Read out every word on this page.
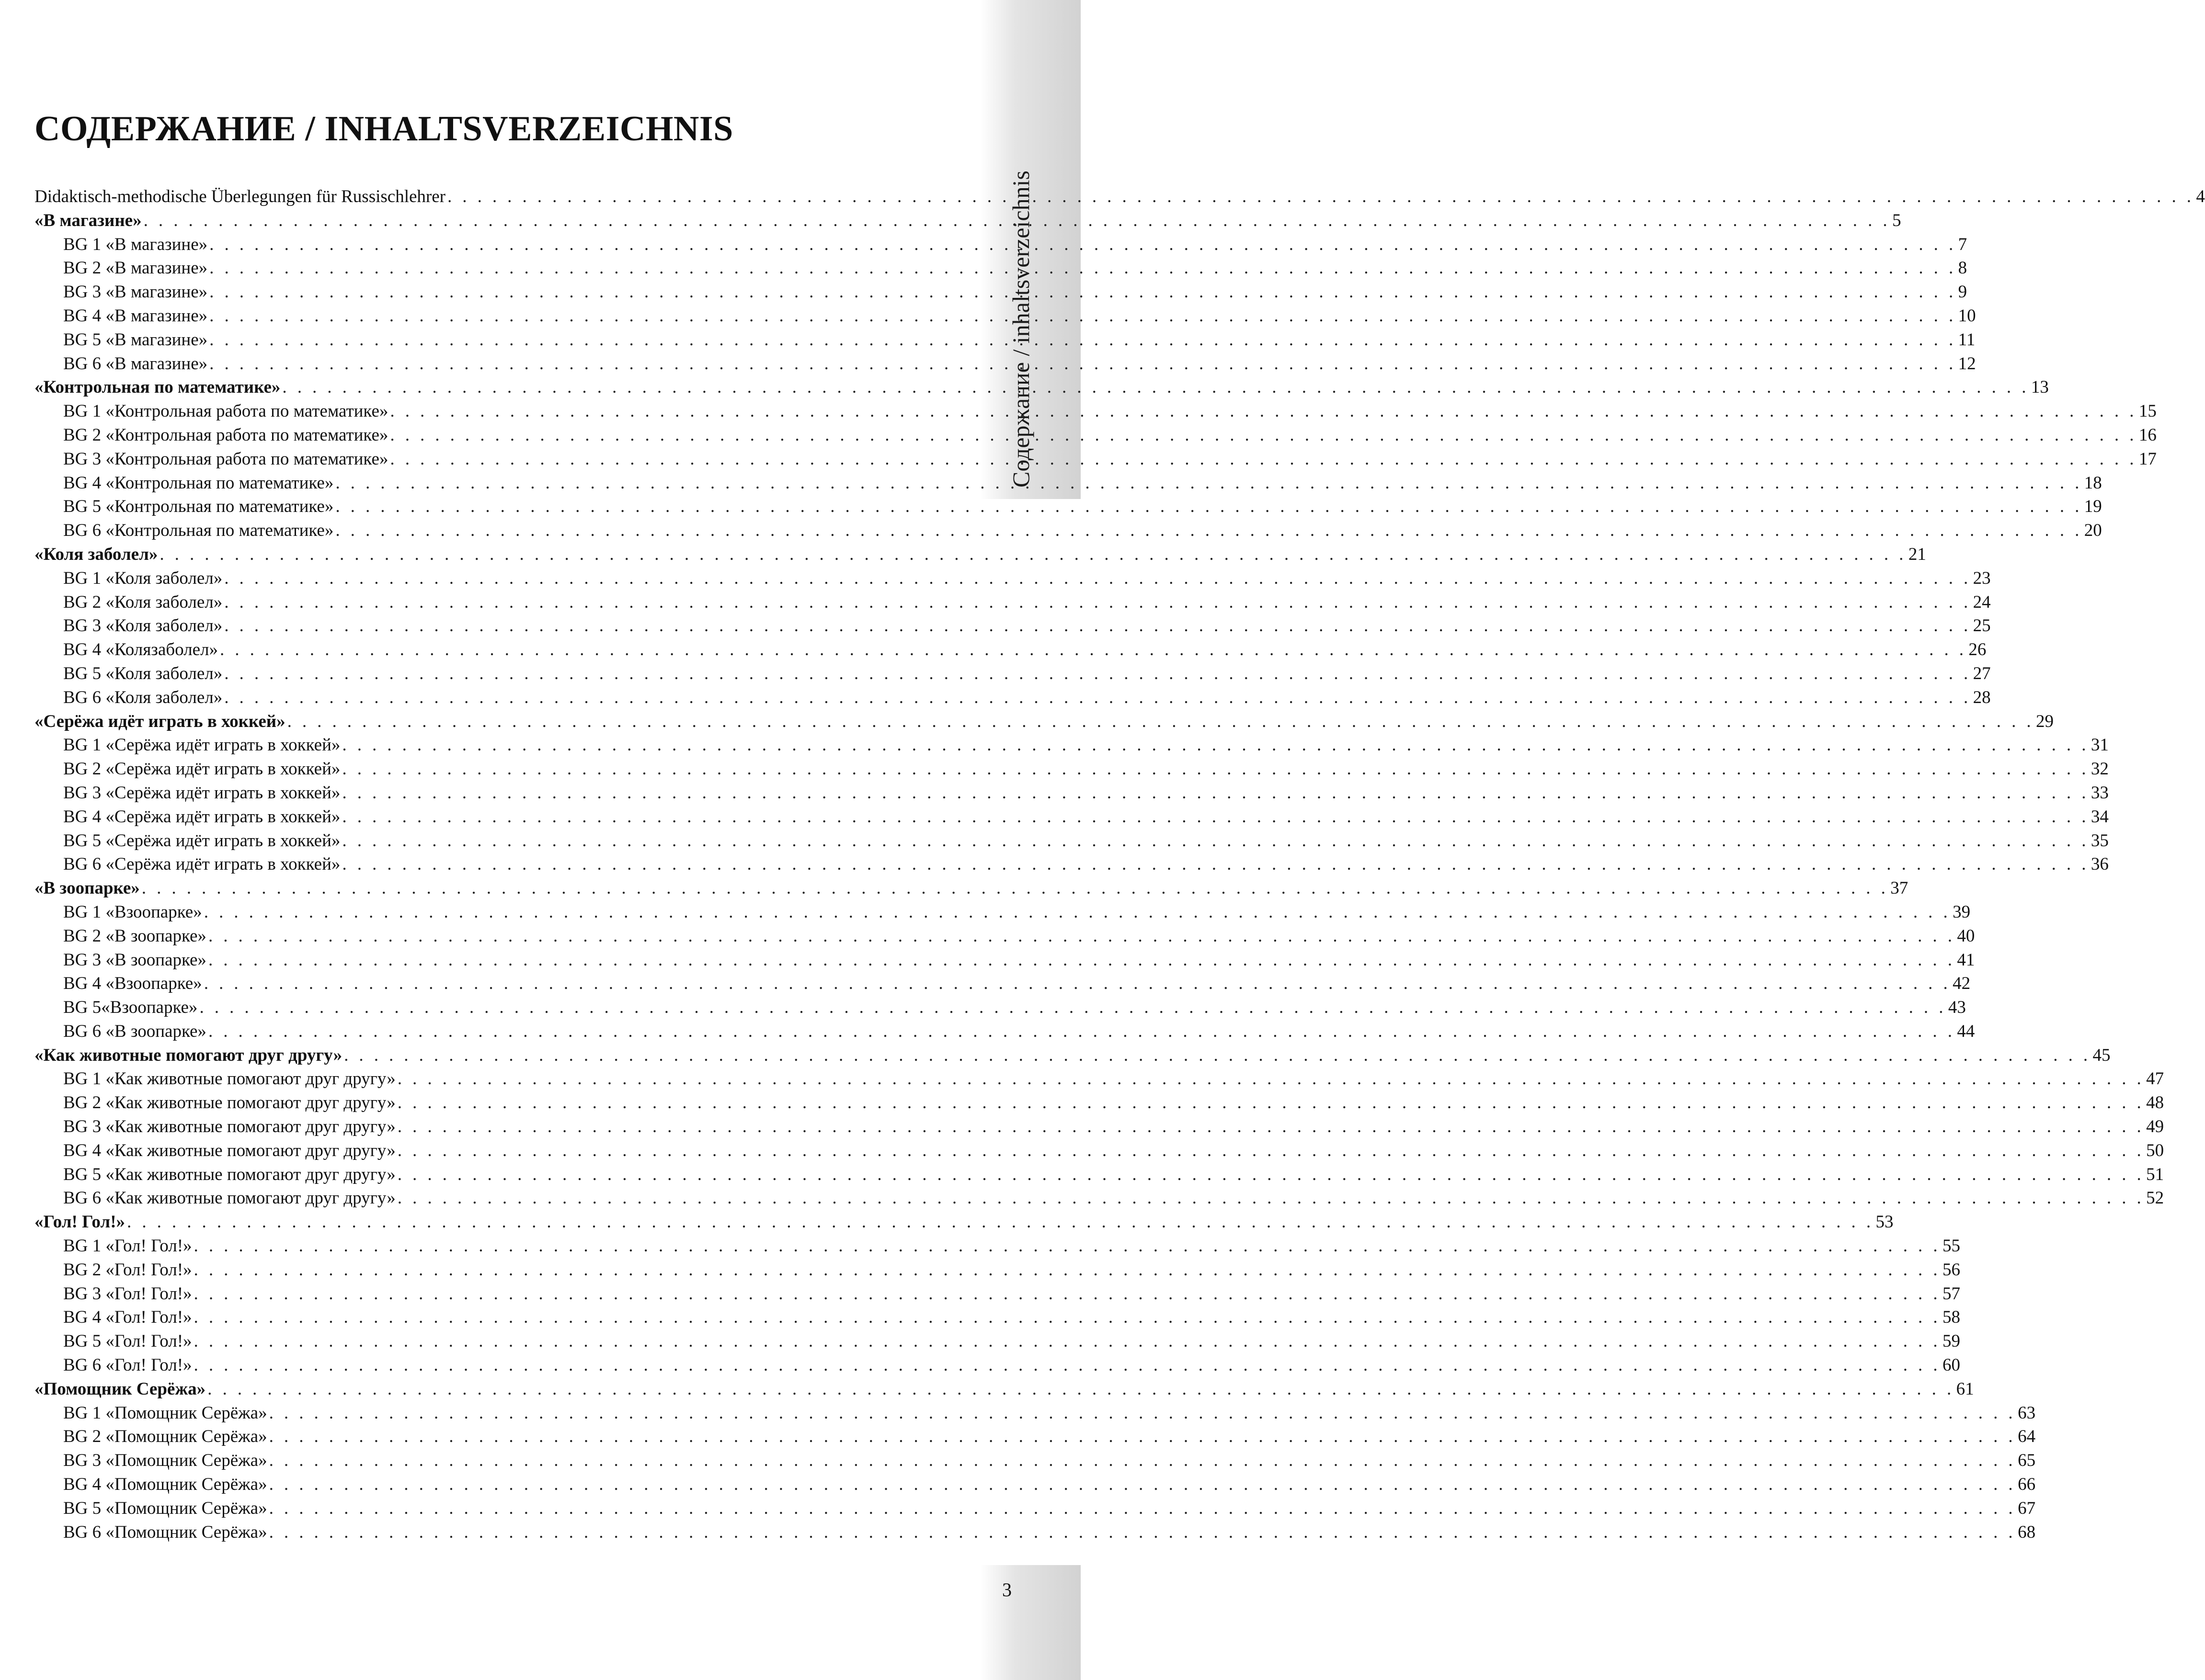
Содержание / inhaltsverzeichnis
СОДЕРЖАНИЕ / INHALTSVERZEICHNIS
Didaktisch-methodische Überlegungen für Russischlehrer . . . . . . . . . . . . . . . . . . . . . . . . . . . . . . . . . . . . . . . . . . . . . . . . . . . . . . . . . . . . . . . . . . . . . . . . . . . . . . . . . . . . . . . . . . . . . . . . . . . . . . . . . . . . . . . . . . . . . 4
«В магазине» . . . . . . . . . . . . . . . . . . . . . . . . . . . . . . . . . . . . . . . . . . . . . . . . . . . . . . . . . . . . . . . . . . . . . . . . . . . . . . . . . . . . . . . . . . . . . . . . . . . . . . . . . . . . . . . . . . . . . 5
BG 1 «В магазине» . . . . . . . . . . . . . . . . . . . . . . . . . . . . . . . . . . . . . . . . . . . . . . . . . . . . . . . . . . . . . . . . . . . . . . . . . . . . . . . . . . . . . . . . . . . . . . . . . . . . . . . . . . . . . . . . . . . . . 7
BG 2 «В магазине» . . . . . . . . . . . . . . . . . . . . . . . . . . . . . . . . . . . . . . . . . . . . . . . . . . . . . . . . . . . . . . . . . . . . . . . . . . . . . . . . . . . . . . . . . . . . . . . . . . . . . . . . . . . . . . . . . . . . . 8
BG 3 «В магазине» . . . . . . . . . . . . . . . . . . . . . . . . . . . . . . . . . . . . . . . . . . . . . . . . . . . . . . . . . . . . . . . . . . . . . . . . . . . . . . . . . . . . . . . . . . . . . . . . . . . . . . . . . . . . . . . . . . . . . 9
BG 4 «В магазине» . . . . . . . . . . . . . . . . . . . . . . . . . . . . . . . . . . . . . . . . . . . . . . . . . . . . . . . . . . . . . . . . . . . . . . . . . . . . . . . . . . . . . . . . . . . . . . . . . . . . . . . . . . . . . . . . . . . . . 10
BG 5 «В магазине» . . . . . . . . . . . . . . . . . . . . . . . . . . . . . . . . . . . . . . . . . . . . . . . . . . . . . . . . . . . . . . . . . . . . . . . . . . . . . . . . . . . . . . . . . . . . . . . . . . . . . . . . . . . . . . . . . . . . . 11
BG 6 «В магазине» . . . . . . . . . . . . . . . . . . . . . . . . . . . . . . . . . . . . . . . . . . . . . . . . . . . . . . . . . . . . . . . . . . . . . . . . . . . . . . . . . . . . . . . . . . . . . . . . . . . . . . . . . . . . . . . . . . . . . 12
«Контрольная по математике» . . . . . . . . . . . . . . . . . . . . . . . . . . . . . . . . . . . . . . . . . . . . . . . . . . . . . . . . . . . . . . . . . . . . . . . . . . . . . . . . . . . . . . . . . . . . . . . . . . . . . . . . . . . . . . . . . . . . . 13
BG 1 «Контрольная работа по математике» . . . . . . . . . . . . . . . . . . . . . . . . . . . . . . . . . . . . . . . . . . . . . . . . . . . . . . . . . . . . . . . . . . . . . . . . . . . . . . . . . . . . . . . . . . . . . . . . . . . . . . . . . . . . . . . . . . . . . 15
BG 2 «Контрольная работа по математике» . . . . . . . . . . . . . . . . . . . . . . . . . . . . . . . . . . . . . . . . . . . . . . . . . . . . . . . . . . . . . . . . . . . . . . . . . . . . . . . . . . . . . . . . . . . . . . . . . . . . . . . . . . . . . . . . . . . . . 16
BG 3 «Контрольная работа по математике» . . . . . . . . . . . . . . . . . . . . . . . . . . . . . . . . . . . . . . . . . . . . . . . . . . . . . . . . . . . . . . . . . . . . . . . . . . . . . . . . . . . . . . . . . . . . . . . . . . . . . . . . . . . . . . . . . . . . . 17
BG 4 «Контрольная по математике» . . . . . . . . . . . . . . . . . . . . . . . . . . . . . . . . . . . . . . . . . . . . . . . . . . . . . . . . . . . . . . . . . . . . . . . . . . . . . . . . . . . . . . . . . . . . . . . . . . . . . . . . . . . . . . . . . . . . . 18
BG 5 «Контрольная по математике» . . . . . . . . . . . . . . . . . . . . . . . . . . . . . . . . . . . . . . . . . . . . . . . . . . . . . . . . . . . . . . . . . . . . . . . . . . . . . . . . . . . . . . . . . . . . . . . . . . . . . . . . . . . . . . . . . . . . . 19
BG 6 «Контрольная по математике» . . . . . . . . . . . . . . . . . . . . . . . . . . . . . . . . . . . . . . . . . . . . . . . . . . . . . . . . . . . . . . . . . . . . . . . . . . . . . . . . . . . . . . . . . . . . . . . . . . . . . . . . . . . . . . . . . . . . . 20
«Коля заболел» . . . . . . . . . . . . . . . . . . . . . . . . . . . . . . . . . . . . . . . . . . . . . . . . . . . . . . . . . . . . . . . . . . . . . . . . . . . . . . . . . . . . . . . . . . . . . . . . . . . . . . . . . . . . . . . . . . . . . 21
BG 1 «Коля заболел» . . . . . . . . . . . . . . . . . . . . . . . . . . . . . . . . . . . . . . . . . . . . . . . . . . . . . . . . . . . . . . . . . . . . . . . . . . . . . . . . . . . . . . . . . . . . . . . . . . . . . . . . . . . . . . . . . . . . . 23
BG 2 «Коля заболел» . . . . . . . . . . . . . . . . . . . . . . . . . . . . . . . . . . . . . . . . . . . . . . . . . . . . . . . . . . . . . . . . . . . . . . . . . . . . . . . . . . . . . . . . . . . . . . . . . . . . . . . . . . . . . . . . . . . . . 24
BG 3 «Коля заболел» . . . . . . . . . . . . . . . . . . . . . . . . . . . . . . . . . . . . . . . . . . . . . . . . . . . . . . . . . . . . . . . . . . . . . . . . . . . . . . . . . . . . . . . . . . . . . . . . . . . . . . . . . . . . . . . . . . . . . 25
BG 4 «Колязаболел» . . . . . . . . . . . . . . . . . . . . . . . . . . . . . . . . . . . . . . . . . . . . . . . . . . . . . . . . . . . . . . . . . . . . . . . . . . . . . . . . . . . . . . . . . . . . . . . . . . . . . . . . . . . . . . . . . . . . . 26
BG 5 «Коля заболел» . . . . . . . . . . . . . . . . . . . . . . . . . . . . . . . . . . . . . . . . . . . . . . . . . . . . . . . . . . . . . . . . . . . . . . . . . . . . . . . . . . . . . . . . . . . . . . . . . . . . . . . . . . . . . . . . . . . . . 27
BG 6 «Коля заболел» . . . . . . . . . . . . . . . . . . . . . . . . . . . . . . . . . . . . . . . . . . . . . . . . . . . . . . . . . . . . . . . . . . . . . . . . . . . . . . . . . . . . . . . . . . . . . . . . . . . . . . . . . . . . . . . . . . . . . 28
«Серёжа идёт играть в хоккей» . . . . . . . . . . . . . . . . . . . . . . . . . . . . . . . . . . . . . . . . . . . . . . . . . . . . . . . . . . . . . . . . . . . . . . . . . . . . . . . . . . . . . . . . . . . . . . . . . . . . . . . . . . . . . . . . . . . . . 29
BG 1 «Серёжа идёт играть в хоккей» . . . . . . . . . . . . . . . . . . . . . . . . . . . . . . . . . . . . . . . . . . . . . . . . . . . . . . . . . . . . . . . . . . . . . . . . . . . . . . . . . . . . . . . . . . . . . . . . . . . . . . . . . . . . . . . . . . . . . 31
BG 2 «Серёжа идёт играть в хоккей» . . . . . . . . . . . . . . . . . . . . . . . . . . . . . . . . . . . . . . . . . . . . . . . . . . . . . . . . . . . . . . . . . . . . . . . . . . . . . . . . . . . . . . . . . . . . . . . . . . . . . . . . . . . . . . . . . . . . . 32
BG 3 «Серёжа идёт играть в хоккей» . . . . . . . . . . . . . . . . . . . . . . . . . . . . . . . . . . . . . . . . . . . . . . . . . . . . . . . . . . . . . . . . . . . . . . . . . . . . . . . . . . . . . . . . . . . . . . . . . . . . . . . . . . . . . . . . . . . . . 33
BG 4 «Серёжа идёт играть в хоккей» . . . . . . . . . . . . . . . . . . . . . . . . . . . . . . . . . . . . . . . . . . . . . . . . . . . . . . . . . . . . . . . . . . . . . . . . . . . . . . . . . . . . . . . . . . . . . . . . . . . . . . . . . . . . . . . . . . . . . 34
BG 5 «Серёжа идёт играть в хоккей» . . . . . . . . . . . . . . . . . . . . . . . . . . . . . . . . . . . . . . . . . . . . . . . . . . . . . . . . . . . . . . . . . . . . . . . . . . . . . . . . . . . . . . . . . . . . . . . . . . . . . . . . . . . . . . . . . . . . . 35
BG 6 «Серёжа идёт играть в хоккей» . . . . . . . . . . . . . . . . . . . . . . . . . . . . . . . . . . . . . . . . . . . . . . . . . . . . . . . . . . . . . . . . . . . . . . . . . . . . . . . . . . . . . . . . . . . . . . . . . . . . . . . . . . . . . . . . . . . . . 36
«В зоопарке» . . . . . . . . . . . . . . . . . . . . . . . . . . . . . . . . . . . . . . . . . . . . . . . . . . . . . . . . . . . . . . . . . . . . . . . . . . . . . . . . . . . . . . . . . . . . . . . . . . . . . . . . . . . . . . . . . . . . . 37
BG 1 «Взоопарке» . . . . . . . . . . . . . . . . . . . . . . . . . . . . . . . . . . . . . . . . . . . . . . . . . . . . . . . . . . . . . . . . . . . . . . . . . . . . . . . . . . . . . . . . . . . . . . . . . . . . . . . . . . . . . . . . . . . . . 39
BG 2 «В зоопарке» . . . . . . . . . . . . . . . . . . . . . . . . . . . . . . . . . . . . . . . . . . . . . . . . . . . . . . . . . . . . . . . . . . . . . . . . . . . . . . . . . . . . . . . . . . . . . . . . . . . . . . . . . . . . . . . . . . . . . 40
BG 3 «В зоопарке» . . . . . . . . . . . . . . . . . . . . . . . . . . . . . . . . . . . . . . . . . . . . . . . . . . . . . . . . . . . . . . . . . . . . . . . . . . . . . . . . . . . . . . . . . . . . . . . . . . . . . . . . . . . . . . . . . . . . . 41
BG 4 «Взоопарке» . . . . . . . . . . . . . . . . . . . . . . . . . . . . . . . . . . . . . . . . . . . . . . . . . . . . . . . . . . . . . . . . . . . . . . . . . . . . . . . . . . . . . . . . . . . . . . . . . . . . . . . . . . . . . . . . . . . . . 42
BG 5«Взоопарке» . . . . . . . . . . . . . . . . . . . . . . . . . . . . . . . . . . . . . . . . . . . . . . . . . . . . . . . . . . . . . . . . . . . . . . . . . . . . . . . . . . . . . . . . . . . . . . . . . . . . . . . . . . . . . . . . . . . . . 43
BG 6 «В зоопарке» . . . . . . . . . . . . . . . . . . . . . . . . . . . . . . . . . . . . . . . . . . . . . . . . . . . . . . . . . . . . . . . . . . . . . . . . . . . . . . . . . . . . . . . . . . . . . . . . . . . . . . . . . . . . . . . . . . . . . 44
«Как животные помогают друг другу» . . . . . . . . . . . . . . . . . . . . . . . . . . . . . . . . . . . . . . . . . . . . . . . . . . . . . . . . . . . . . . . . . . . . . . . . . . . . . . . . . . . . . . . . . . . . . . . . . . . . . . . . . . . . . . . . . . . . . 45
BG 1 «Как животные помогают друг другу» . . . . . . . . . . . . . . . . . . . . . . . . . . . . . . . . . . . . . . . . . . . . . . . . . . . . . . . . . . . . . . . . . . . . . . . . . . . . . . . . . . . . . . . . . . . . . . . . . . . . . . . . . . . . . . . . . . . . . 47
BG 2 «Как животные помогают друг другу» . . . . . . . . . . . . . . . . . . . . . . . . . . . . . . . . . . . . . . . . . . . . . . . . . . . . . . . . . . . . . . . . . . . . . . . . . . . . . . . . . . . . . . . . . . . . . . . . . . . . . . . . . . . . . . . . . . . . . 48
BG 3 «Как животные помогают друг другу» . . . . . . . . . . . . . . . . . . . . . . . . . . . . . . . . . . . . . . . . . . . . . . . . . . . . . . . . . . . . . . . . . . . . . . . . . . . . . . . . . . . . . . . . . . . . . . . . . . . . . . . . . . . . . . . . . . . . . 49
BG 4 «Как животные помогают друг другу» . . . . . . . . . . . . . . . . . . . . . . . . . . . . . . . . . . . . . . . . . . . . . . . . . . . . . . . . . . . . . . . . . . . . . . . . . . . . . . . . . . . . . . . . . . . . . . . . . . . . . . . . . . . . . . . . . . . . . 50
BG 5 «Как животные помогают друг другу» . . . . . . . . . . . . . . . . . . . . . . . . . . . . . . . . . . . . . . . . . . . . . . . . . . . . . . . . . . . . . . . . . . . . . . . . . . . . . . . . . . . . . . . . . . . . . . . . . . . . . . . . . . . . . . . . . . . . . 51
BG 6 «Как животные помогают друг другу» . . . . . . . . . . . . . . . . . . . . . . . . . . . . . . . . . . . . . . . . . . . . . . . . . . . . . . . . . . . . . . . . . . . . . . . . . . . . . . . . . . . . . . . . . . . . . . . . . . . . . . . . . . . . . . . . . . . . . 52
«Гол! Гол!» . . . . . . . . . . . . . . . . . . . . . . . . . . . . . . . . . . . . . . . . . . . . . . . . . . . . . . . . . . . . . . . . . . . . . . . . . . . . . . . . . . . . . . . . . . . . . . . . . . . . . . . . . . . . . . . . . . . . . 53
BG 1 «Гол! Гол!» . . . . . . . . . . . . . . . . . . . . . . . . . . . . . . . . . . . . . . . . . . . . . . . . . . . . . . . . . . . . . . . . . . . . . . . . . . . . . . . . . . . . . . . . . . . . . . . . . . . . . . . . . . . . . . . . . . . . . 55
BG 2 «Гол! Гол!» . . . . . . . . . . . . . . . . . . . . . . . . . . . . . . . . . . . . . . . . . . . . . . . . . . . . . . . . . . . . . . . . . . . . . . . . . . . . . . . . . . . . . . . . . . . . . . . . . . . . . . . . . . . . . . . . . . . . . 56
BG 3 «Гол! Гол!» . . . . . . . . . . . . . . . . . . . . . . . . . . . . . . . . . . . . . . . . . . . . . . . . . . . . . . . . . . . . . . . . . . . . . . . . . . . . . . . . . . . . . . . . . . . . . . . . . . . . . . . . . . . . . . . . . . . . . 57
BG 4 «Гол! Гол!» . . . . . . . . . . . . . . . . . . . . . . . . . . . . . . . . . . . . . . . . . . . . . . . . . . . . . . . . . . . . . . . . . . . . . . . . . . . . . . . . . . . . . . . . . . . . . . . . . . . . . . . . . . . . . . . . . . . . . 58
BG 5 «Гол! Гол!» . . . . . . . . . . . . . . . . . . . . . . . . . . . . . . . . . . . . . . . . . . . . . . . . . . . . . . . . . . . . . . . . . . . . . . . . . . . . . . . . . . . . . . . . . . . . . . . . . . . . . . . . . . . . . . . . . . . . . 59
BG 6 «Гол! Гол!» . . . . . . . . . . . . . . . . . . . . . . . . . . . . . . . . . . . . . . . . . . . . . . . . . . . . . . . . . . . . . . . . . . . . . . . . . . . . . . . . . . . . . . . . . . . . . . . . . . . . . . . . . . . . . . . . . . . . . 60
«Помощник Серёжа» . . . . . . . . . . . . . . . . . . . . . . . . . . . . . . . . . . . . . . . . . . . . . . . . . . . . . . . . . . . . . . . . . . . . . . . . . . . . . . . . . . . . . . . . . . . . . . . . . . . . . . . . . . . . . . . . . . . . . 61
BG 1 «Помощник Серёжа» . . . . . . . . . . . . . . . . . . . . . . . . . . . . . . . . . . . . . . . . . . . . . . . . . . . . . . . . . . . . . . . . . . . . . . . . . . . . . . . . . . . . . . . . . . . . . . . . . . . . . . . . . . . . . . . . . . . . . 63
BG 2 «Помощник Серёжа» . . . . . . . . . . . . . . . . . . . . . . . . . . . . . . . . . . . . . . . . . . . . . . . . . . . . . . . . . . . . . . . . . . . . . . . . . . . . . . . . . . . . . . . . . . . . . . . . . . . . . . . . . . . . . . . . . . . . . 64
BG 3 «Помощник Серёжа» . . . . . . . . . . . . . . . . . . . . . . . . . . . . . . . . . . . . . . . . . . . . . . . . . . . . . . . . . . . . . . . . . . . . . . . . . . . . . . . . . . . . . . . . . . . . . . . . . . . . . . . . . . . . . . . . . . . . . 65
BG 4 «Помощник Серёжа» . . . . . . . . . . . . . . . . . . . . . . . . . . . . . . . . . . . . . . . . . . . . . . . . . . . . . . . . . . . . . . . . . . . . . . . . . . . . . . . . . . . . . . . . . . . . . . . . . . . . . . . . . . . . . . . . . . . . . 66
BG 5 «Помощник Серёжа» . . . . . . . . . . . . . . . . . . . . . . . . . . . . . . . . . . . . . . . . . . . . . . . . . . . . . . . . . . . . . . . . . . . . . . . . . . . . . . . . . . . . . . . . . . . . . . . . . . . . . . . . . . . . . . . . . . . . . 67
BG 6 «Помощник Серёжа» . . . . . . . . . . . . . . . . . . . . . . . . . . . . . . . . . . . . . . . . . . . . . . . . . . . . . . . . . . . . . . . . . . . . . . . . . . . . . . . . . . . . . . . . . . . . . . . . . . . . . . . . . . . . . . . . . . . . . 68
3
